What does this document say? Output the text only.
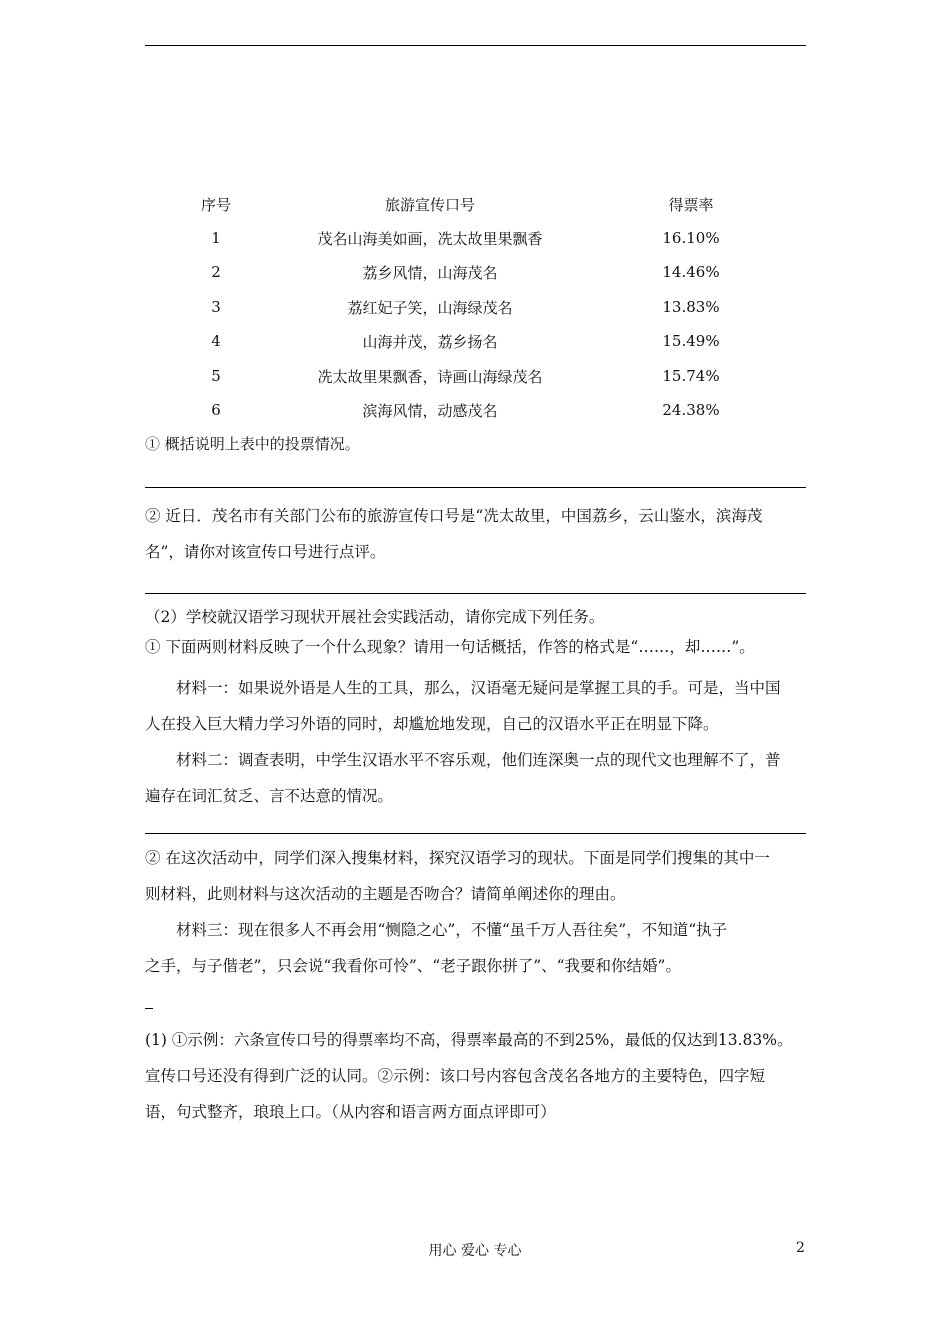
序号	旅游宣传口号	得票率
1	茂名山海美如画，冼太故里果飘香	16.10%
2	荔乡风情，山海茂名	14.46%
3	荔红妃子笑，山海绿茂名	13.83%
4	山海并茂，荔乡扬名	15.49%
5	冼太故里果飘香，诗画山海绿茂名	15.74%
6	滨海风情，动感茂名	24.38%
① 概括说明上表中的投票情况。
② 近日．茂名市有关部门公布的旅游宣传口号是“冼太故里，中国荔乡，云山鉴水，滨海茂
名”，请你对该宣传口号进行点评。
（2）学校就汉语学习现状开展社会实践活动，请你完成下列任务。
① 下面两则材料反映了一个什么现象？请用一句话概括，作答的格式是“……，却……”。
材料一：如果说外语是人生的工具，那么，汉语毫无疑问是掌握工具的手。可是，当中国
人在投入巨大精力学习外语的同时，却尴尬地发现，自己的汉语水平正在明显下降。
材料二：调查表明，中学生汉语水平不容乐观，他们连深奥一点的现代文也理解不了，普
遍存在词汇贫乏、言不达意的情况。
② 在这次活动中，同学们深入搜集材料，探究汉语学习的现状。下面是同学们搜集的其中一
则材料，此则材料与这次活动的主题是否吻合？请简单阐述你的理由。
材料三：现在很多人不再会用“恻隐之心”，不懂“虽千万人吾往矣”，不知道“执子
之手，与子偕老”，只会说“我看你可怜”、“老子跟你拼了”、“我要和你结婚”。
(1) ①示例：六条宣传口号的得票率均不高，得票率最高的不到25%，最低的仅达到13.83%。
宣传口号还没有得到广泛的认同。②示例：该口号内容包含茂名各地方的主要特色，四字短
语，句式整齐，琅琅上口。（从内容和语言两方面点评即可）
用心 爱心 专心	2
